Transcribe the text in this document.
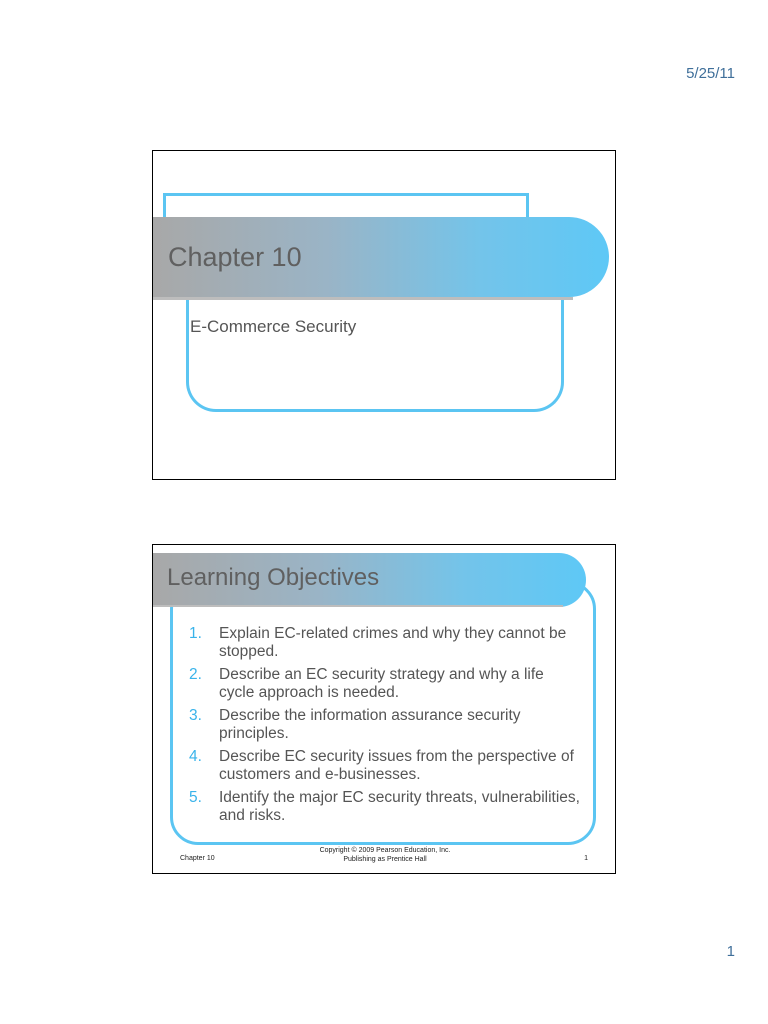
5/25/11
Chapter 10
E-Commerce Security
Learning Objectives
1.	Explain EC-related crimes and why they cannot be stopped.
2.	Describe an EC security strategy and why a life cycle approach is needed.
3.	Describe the information assurance security principles.
4.	Describe EC security issues from the perspective of customers and e-businesses.
5.	Identify the major EC security threats, vulnerabilities, and risks.
Chapter 10
Copyright © 2009 Pearson Education, Inc. Publishing as Prentice Hall	1
1
